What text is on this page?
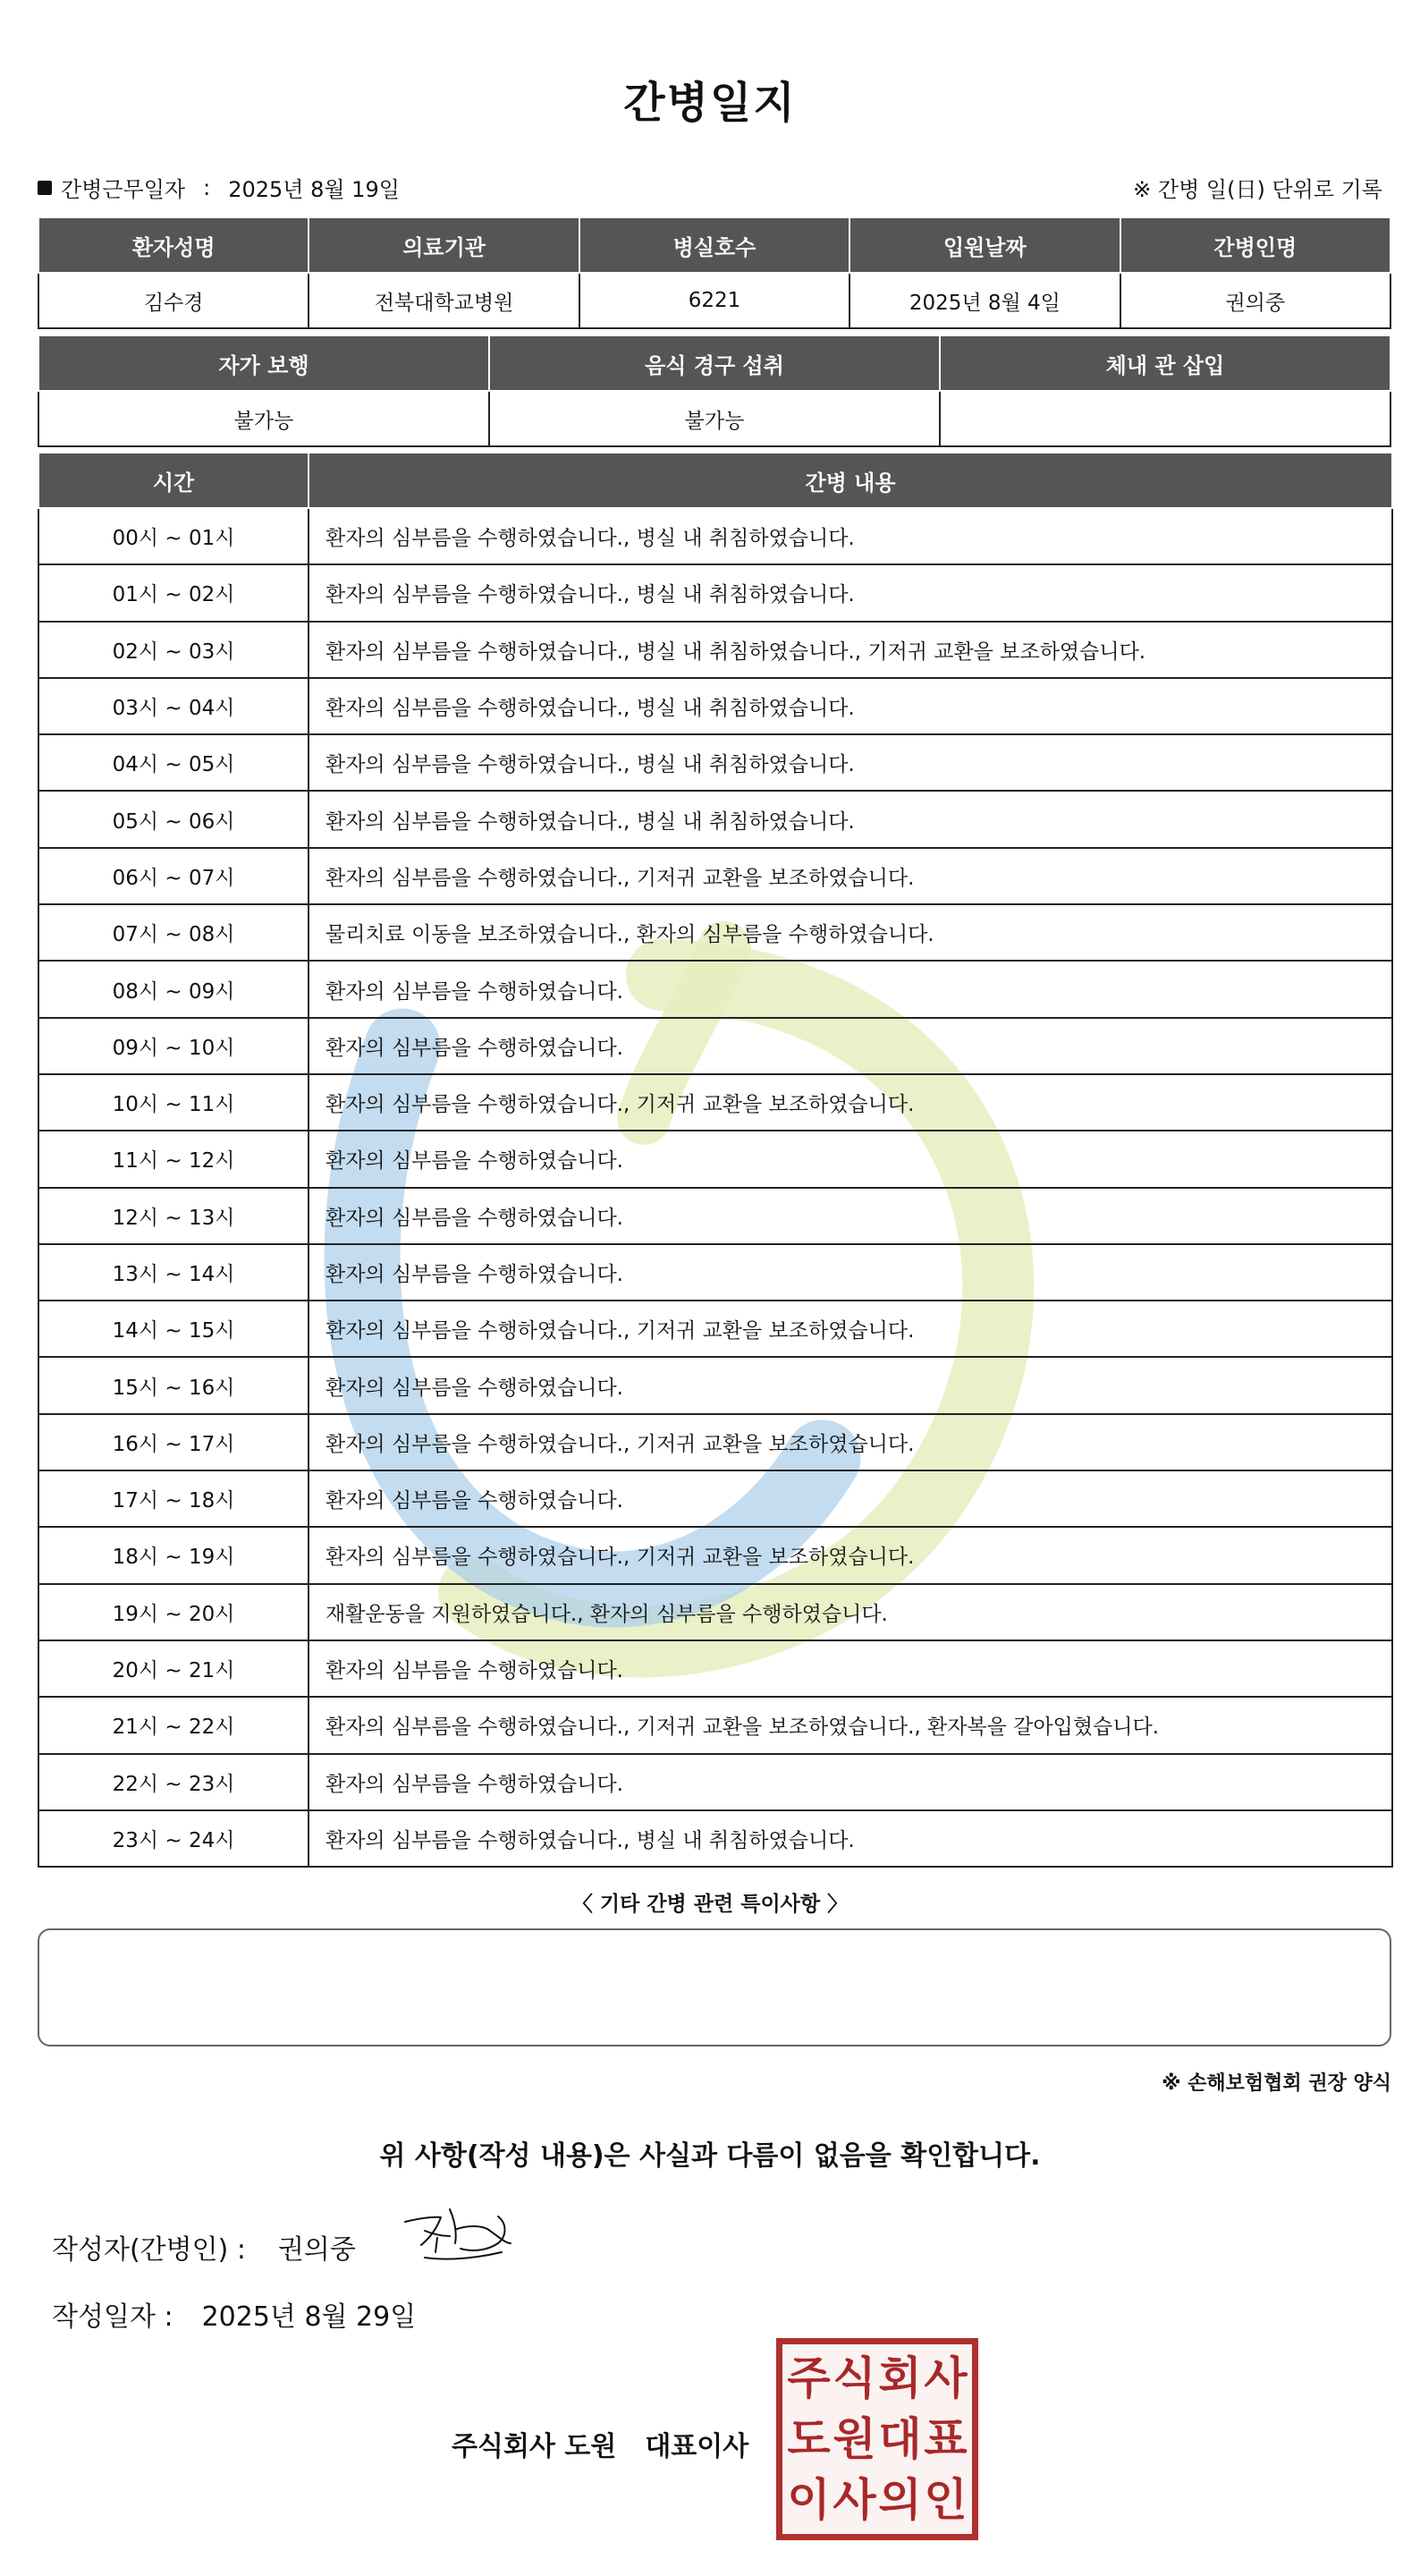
간병일지
간병근무일자 : 2025년 8월 19일	※ 간병 일(日) 단위로 기록
환자성명	의료기관	병실호수	입원날짜	간병인명
김수경	전북대학교병원	6221	2025년 8월 4일	권의중
자가 보행	음식 경구 섭취	체내 관 삽입
불가능	불가능	
시간	간병 내용
00시 ~ 01시	환자의 심부름을 수행하였습니다., 병실 내 취침하였습니다.
01시 ~ 02시	환자의 심부름을 수행하였습니다., 병실 내 취침하였습니다.
02시 ~ 03시	환자의 심부름을 수행하였습니다., 병실 내 취침하였습니다., 기저귀 교환을 보조하였습니다.
03시 ~ 04시	환자의 심부름을 수행하였습니다., 병실 내 취침하였습니다.
04시 ~ 05시	환자의 심부름을 수행하였습니다., 병실 내 취침하였습니다.
05시 ~ 06시	환자의 심부름을 수행하였습니다., 병실 내 취침하였습니다.
06시 ~ 07시	환자의 심부름을 수행하였습니다., 기저귀 교환을 보조하였습니다.
07시 ~ 08시	물리치료 이동을 보조하였습니다., 환자의 심부름을 수행하였습니다.
08시 ~ 09시	환자의 심부름을 수행하였습니다.
09시 ~ 10시	환자의 심부름을 수행하였습니다.
10시 ~ 11시	환자의 심부름을 수행하였습니다., 기저귀 교환을 보조하였습니다.
11시 ~ 12시	환자의 심부름을 수행하였습니다.
12시 ~ 13시	환자의 심부름을 수행하였습니다.
13시 ~ 14시	환자의 심부름을 수행하였습니다.
14시 ~ 15시	환자의 심부름을 수행하였습니다., 기저귀 교환을 보조하였습니다.
15시 ~ 16시	환자의 심부름을 수행하였습니다.
16시 ~ 17시	환자의 심부름을 수행하였습니다., 기저귀 교환을 보조하였습니다.
17시 ~ 18시	환자의 심부름을 수행하였습니다.
18시 ~ 19시	환자의 심부름을 수행하였습니다., 기저귀 교환을 보조하였습니다.
19시 ~ 20시	재활운동을 지원하였습니다., 환자의 심부름을 수행하였습니다.
20시 ~ 21시	환자의 심부름을 수행하였습니다.
21시 ~ 22시	환자의 심부름을 수행하였습니다., 기저귀 교환을 보조하였습니다., 환자복을 갈아입혔습니다.
22시 ~ 23시	환자의 심부름을 수행하였습니다.
23시 ~ 24시	환자의 심부름을 수행하였습니다., 병실 내 취침하였습니다.
〈 기타 간병 관련 특이사항 〉
※ 손해보험협회 권장 양식
위 사항(작성 내용)은 사실과 다름이 없음을 확인합니다.
작성자(간병인) : 권의중
작성일자 : 2025년 8월 29일
주식회사 도원 대표이사
주 식 회 사
도 원 대 표
이 사 의 인
